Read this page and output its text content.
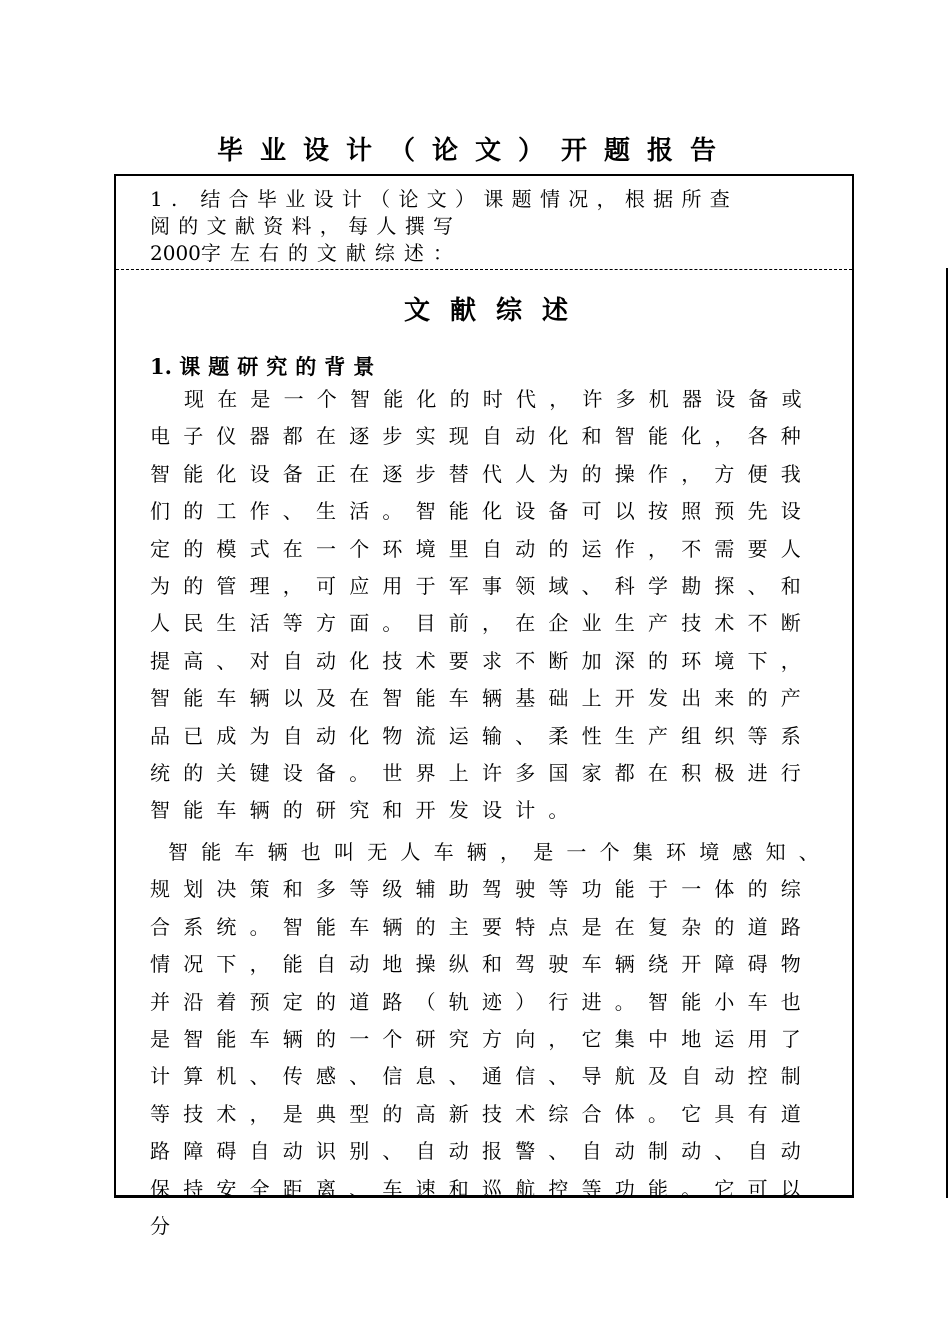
毕业设计（论文）开题报告
1. 结合毕业设计（论文）课题情况，根据所查
阅的文献资料，每人撰写
2000字左右的文献综述：
文献综述
1. 课题研究的背景

现在是一个智能化的时代，许多机器设备或电子仪器都在逐步实现自动化和智能化，各种智能化设备正在逐步替代人为的操作，方便我们的工作、生活。智能化设备可以按照预先设定的模式在一个环境里自动的运作，不需要人为的管理，可应用于军事领域、科学勘探、和人民生活等方面。目前，在企业生产技术不断提高、对自动化技术要求不断加深的环境下，智能车辆以及在智能车辆基础上开发出来的产品已成为自动化物流运输、柔性生产组织等系统的关键设备。世界上许多国家都在积极进行智能车辆的研究和开发设计。

智能车辆也叫无人车辆，是一个集环境感知、规划决策和多等级辅助驾驶等功能于一体的综合系统。智能车辆的主要特点是在复杂的道路情况下，能自动地操纵和驾驶车辆绕开障碍物并沿着预定的道路（轨迹）行进。智能小车也是智能车辆的一个研究方向，它集中地运用了计算机、传感、信息、通信、导航及自动控制等技术，是典型的高新技术综合体。它具有道路障碍自动识别、自动报警、自动制动、自动保持安全距离、车速和巡航控等功能。它可以分
